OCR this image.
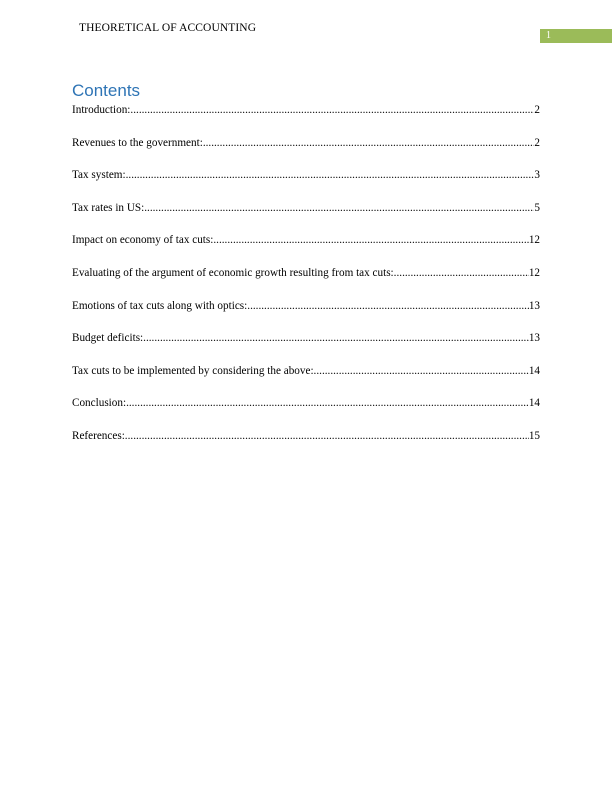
THEORETICAL OF ACCOUNTING
1
Contents
Introduction: .....	2
Revenues to the government: .....	2
Tax system: .....	3
Tax rates in US: .....	5
Impact on economy of tax cuts: .....	12
Evaluating of the argument of economic growth resulting from tax cuts: .....	12
Emotions of tax cuts along with optics: .....	13
Budget deficits: .....	13
Tax cuts to be implemented by considering the above: .....	14
Conclusion: .....	14
References: .....	15
